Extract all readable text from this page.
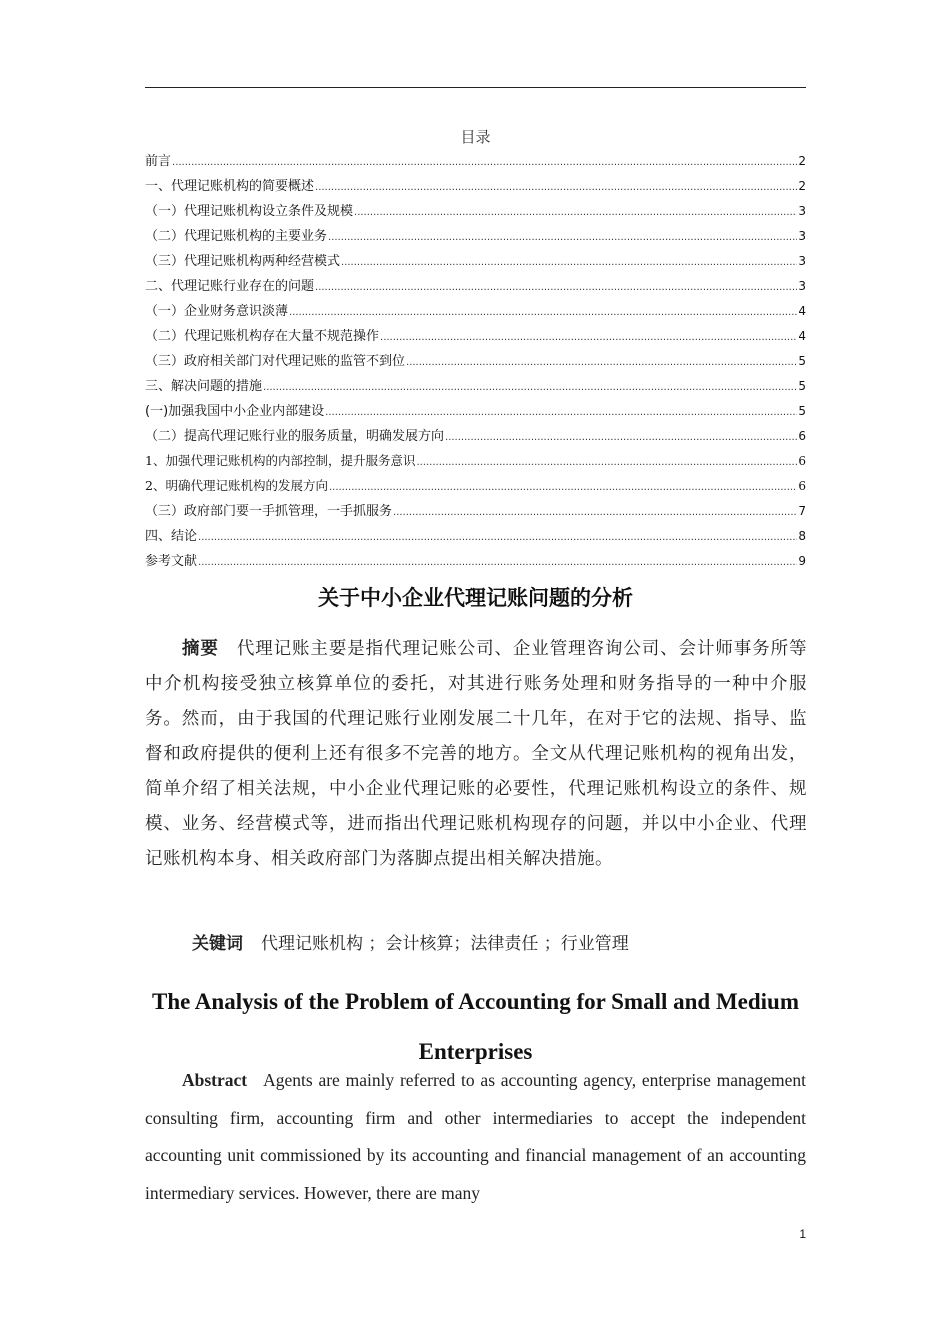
目录
前言 .....	2
一、代理记账机构的简要概述 .....	2
（一）代理记账机构设立条件及规模 .....	3
（二）代理记账机构的主要业务 .....	3
（三）代理记账机构两种经营模式 .....	3
二、代理记账行业存在的问题 .....	3
（一）企业财务意识淡薄 .....	4
（二）代理记账机构存在大量不规范操作 .....	4
（三）政府相关部门对代理记账的监管不到位 .....	5
三、解决问题的措施 .....	5
(一)加强我国中小企业内部建设 .....	5
（二）提高代理记账行业的服务质量，明确发展方向 .....	6
1、加强代理记账机构的内部控制，提升服务意识 .....	6
2、明确代理记账机构的发展方向 .....	6
（三）政府部门要一手抓管理，一手抓服务 .....	7
四、结论 .....	8
参考文献 .....	9
关于中小企业代理记账问题的分析
摘要 代理记账主要是指代理记账公司、企业管理咨询公司、会计师事务所等中介机构接受独立核算单位的委托，对其进行账务处理和财务指导的一种中介服务。然而，由于我国的代理记账行业刚发展二十几年，在对于它的法规、指导、监督和政府提供的便利上还有很多不完善的地方。全文从代理记账机构的视角出发，简单介绍了相关法规，中小企业代理记账的必要性，代理记账机构设立的条件、规模、业务、经营模式等，进而指出代理记账机构现存的问题，并以中小企业、代理记账机构本身、相关政府部门为落脚点提出相关解决措施。
关键词 代理记账机构 ；会计核算；法律责任 ；行业管理
The Analysis of the Problem of Accounting for Small and Medium Enterprises
Abstract Agents are mainly referred to as accounting agency, enterprise management consulting firm, accounting firm and other intermediaries to accept the independent accounting unit commissioned by its accounting and financial management of an accounting intermediary services. However, there are many
1
